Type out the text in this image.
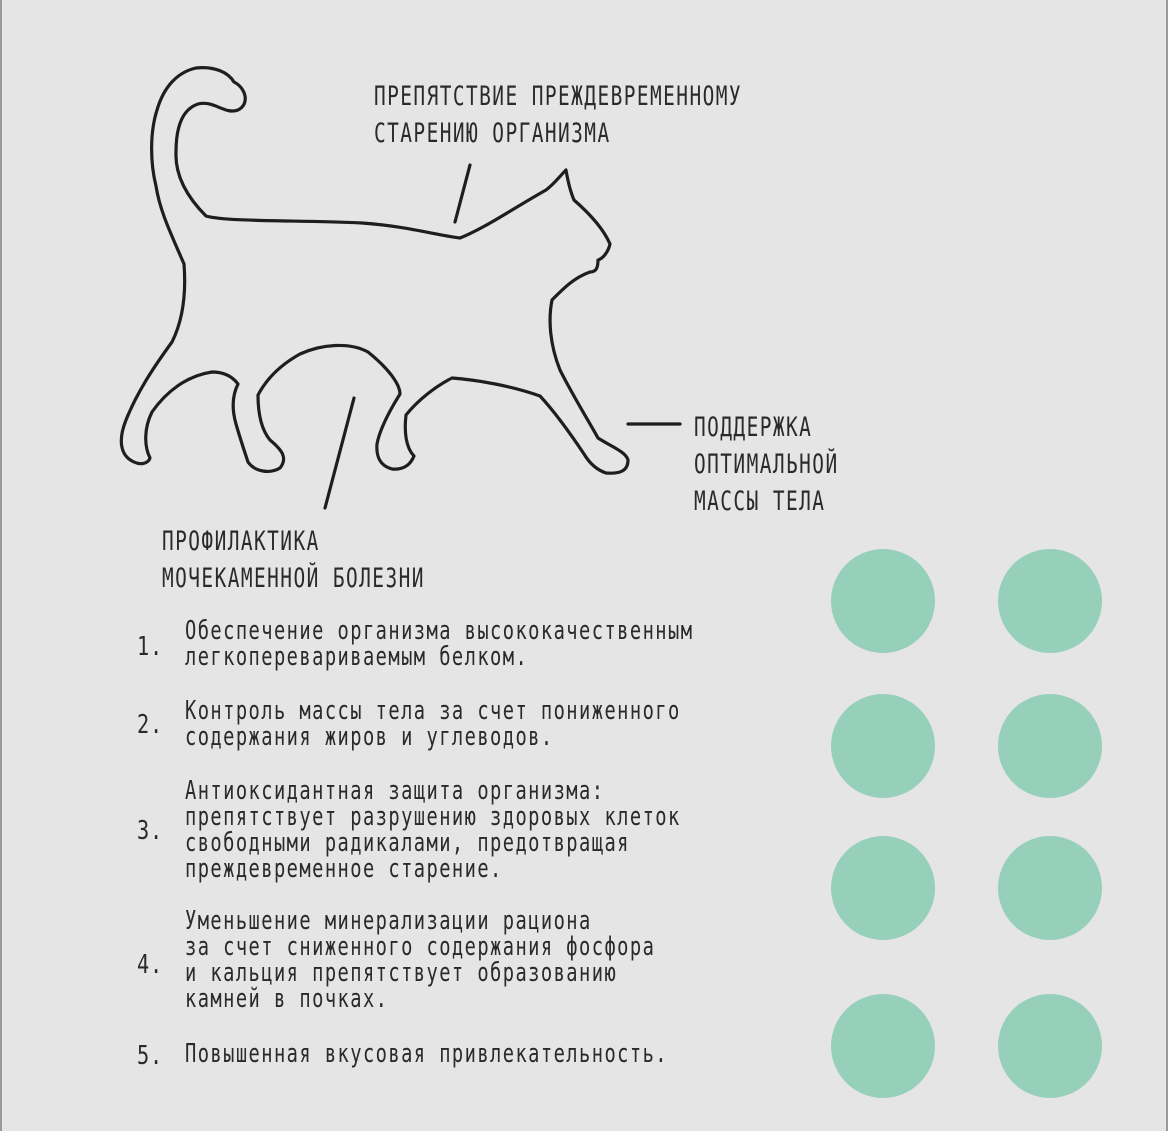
ПРЕПЯТСТВИЕ ПРЕЖДЕВРЕМЕННОМУ
СТАРЕНИЮ ОРГАНИЗМА
ПОДДЕРЖКА
ОПТИМАЛЬНОЙ
МАССЫ ТЕЛА
ПРОФИЛАКТИКА
МОЧЕКАМЕННОЙ БОЛЕЗНИ
1.
Обеспечение организма высококачественным
легкоперевариваемым белком.
2. Контроль массы тела за счет пониженного
содержания жиров и углеводов.
3.
Антиоксидантная защита организма:
препятствует разрушению здоровых клеток
свободными радикалами, предотвращая
преждевременное старение.
4.
Уменьшение минерализации рациона
за счет сниженного содержания фосфора
и кальция препятствует образованию
камней в почках.
5. Повышенная вкусовая привлекательность.
